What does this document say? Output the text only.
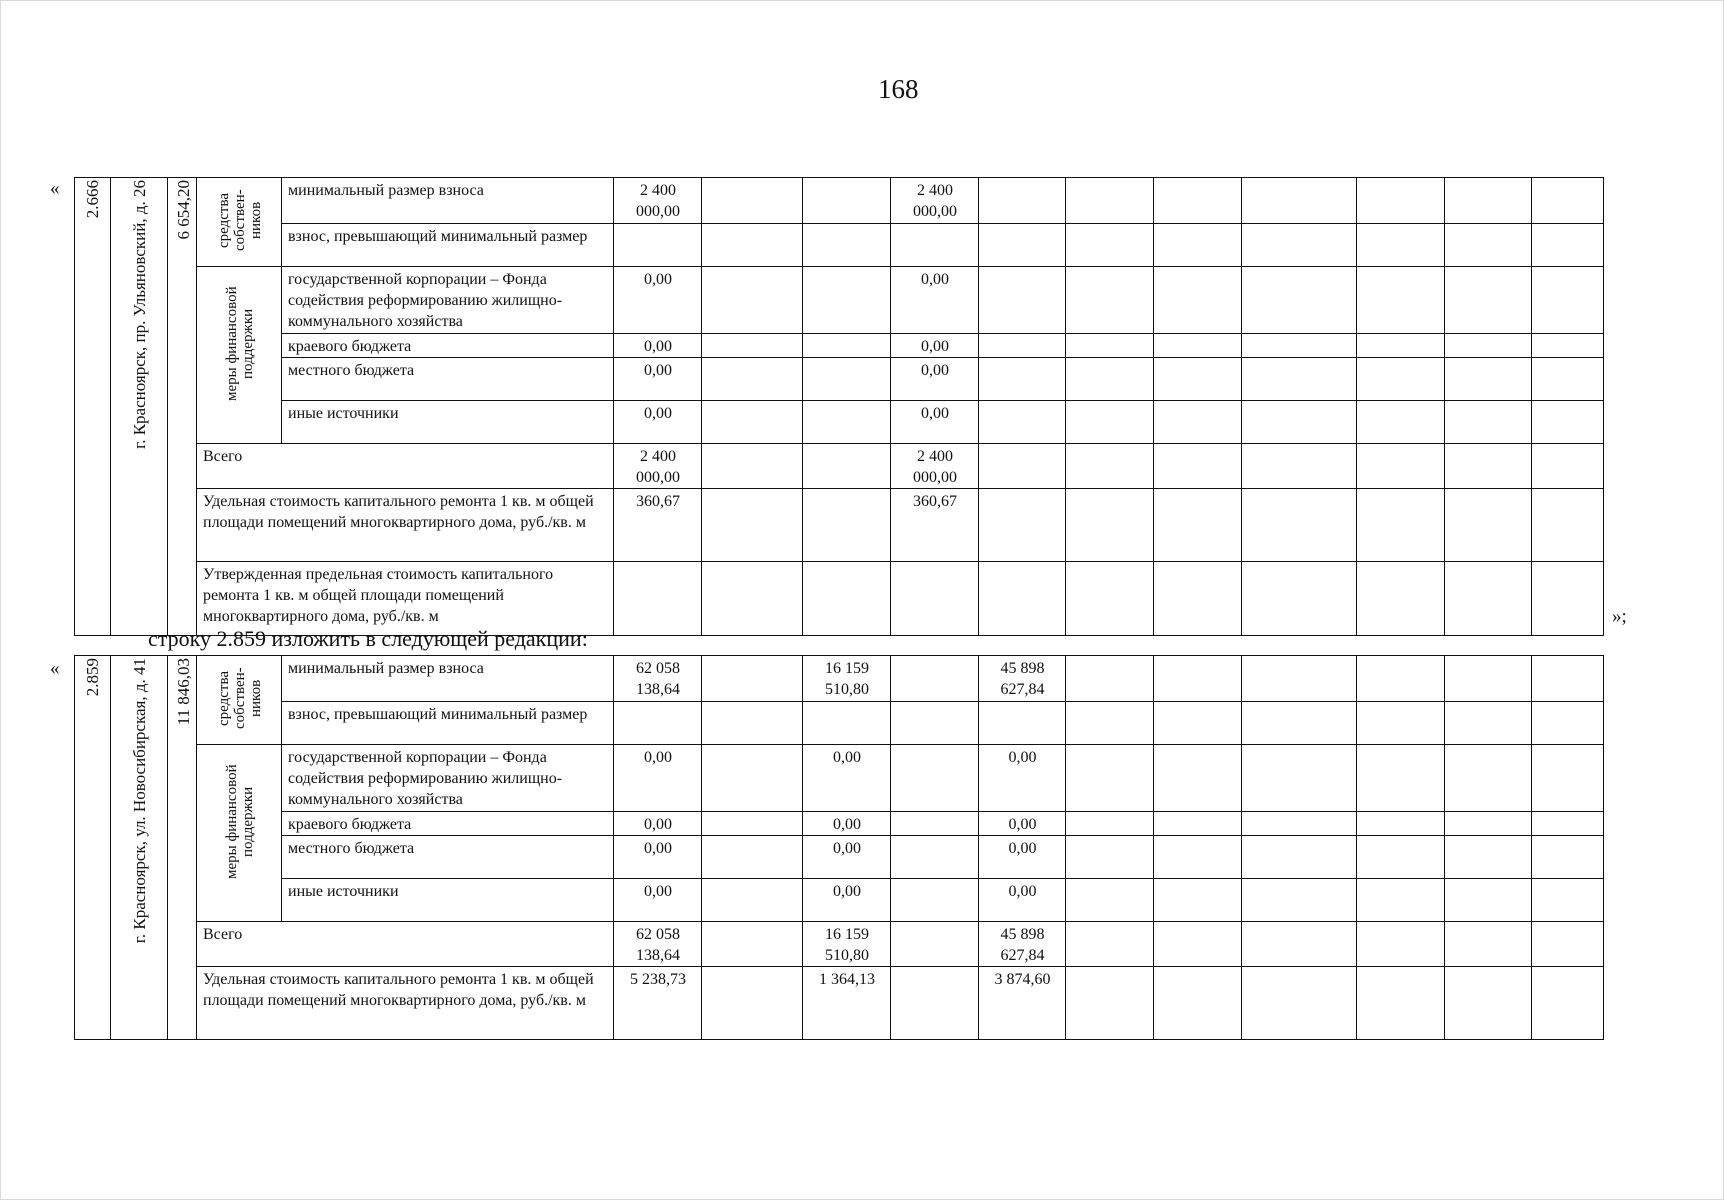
168
«
«
»;
2.666	г. Красноярск, пр. Ульяновский, д. 26	6 654,20	средства собствен-ников	минимальный размер взноса	2 400 000,00			2 400 000,00							
				взнос, превышающий минимальный размер											
			меры финансовой поддержки	государственной корпорации – Фонда содействия реформированию жилищно-коммунального хозяйства	0,00			0,00							
				краевого бюджета	0,00			0,00							
				местного бюджета	0,00			0,00							
				иные источники	0,00			0,00							
			Всего		2 400 000,00			2 400 000,00							
			Удельная стоимость капитального ремонта 1 кв. м общей площади помещений многоквартирного дома, руб./кв. м		360,67			360,67							
			Утвержденная предельная стоимость капитального ремонта 1 кв. м общей площади помещений многоквартирного дома, руб./кв. м												
строку 2.859 изложить в следующей редакции:
2.859	г. Красноярск, ул. Новосибирская, д. 41	11 846,03	средства собствен-ников	минимальный размер взноса	62 058 138,64		16 159 510,80		45 898 627,84						
				взнос, превышающий минимальный размер											
			меры финансовой поддержки	государственной корпорации – Фонда содействия реформированию жилищно-коммунального хозяйства	0,00		0,00		0,00						
				краевого бюджета	0,00		0,00		0,00						
				местного бюджета	0,00		0,00		0,00						
				иные источники	0,00		0,00		0,00						
			Всего		62 058 138,64		16 159 510,80		45 898 627,84						
			Удельная стоимость капитального ремонта 1 кв. м общей площади помещений многоквартирного дома, руб./кв. м		5 238,73		1 364,13		3 874,60						
